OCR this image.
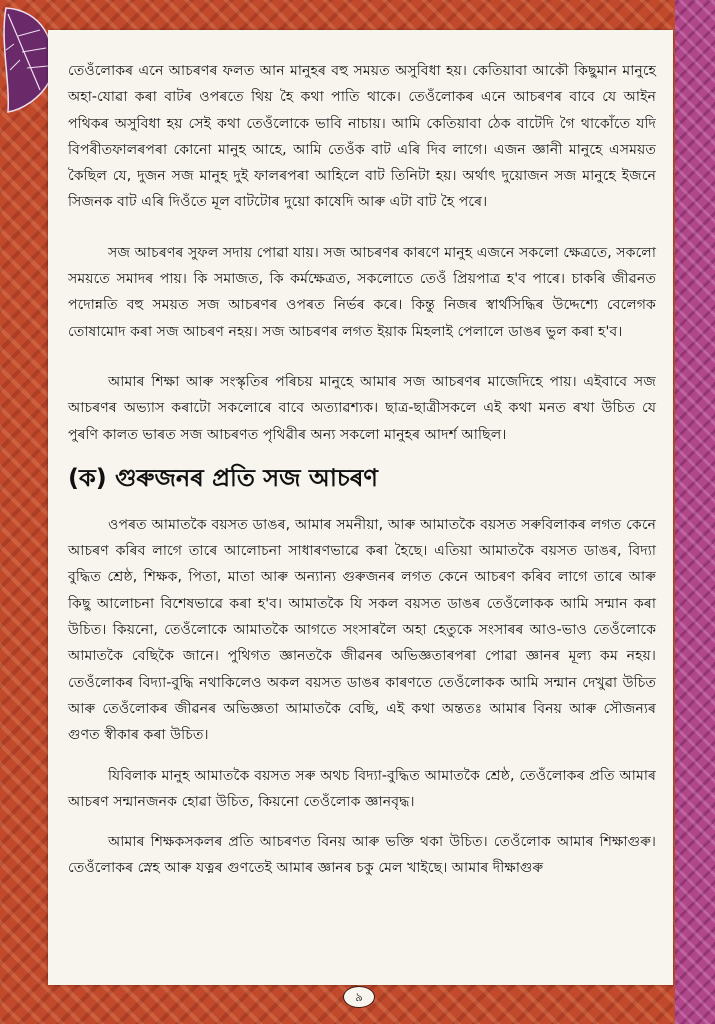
তেওঁলোকৰ এনে আচৰণৰ ফলত আন মানুহৰ বহু সময়ত অসুবিধা হয়। কেতিয়াবা আকৌ কিছুমান মানুহে অহা-যোৱা কৰা বাটৰ ওপৰতে থিয় হৈ কথা পাতি থাকে। তেওঁলোকৰ এনে আচৰণৰ বাবে যে আইন পথিকৰ অসুবিধা হয় সেই কথা তেওঁলোকে ভাবি নাচায়। আমি কেতিয়াবা ঠেক বাটেদি গৈ থাকোঁতে যদি বিপৰীতফালৰপৰা কোনো মানুহ আহে, আমি তেওঁক বাট এৰি দিব লাগে। এজন জ্ঞানী মানুহে এসময়ত কৈছিল যে, দুজন সজ মানুহ দুই ফালৰপৰা আহিলে বাট তিনিটা হয়। অৰ্থাৎ দুয়োজন সজ মানুহে ইজনে সিজনক বাট এৰি দিওঁতে মূল বাটটোৰ দুয়ো কাষেদি আৰু এটা বাট হৈ পৰে।

সজ আচৰণৰ সুফল সদায় পোৱা যায়। সজ আচৰণৰ কাৰণে মানুহ এজনে সকলো ক্ষেত্ৰতে, সকলো সময়তে সমাদৰ পায়। কি সমাজত, কি কৰ্মক্ষেত্ৰত, সকলোতে তেওঁ প্ৰিয়পাত্ৰ হ'ব পাৰে। চাকৰি জীৱনত পদোন্নতি বহু সময়ত সজ আচৰণৰ ওপৰত নিৰ্ভৰ কৰে। কিন্তু নিজৰ স্বাৰ্থসিদ্ধিৰ উদ্দেশ্যে বেলেগক তোষামোদ কৰা সজ আচৰণ নহয়। সজ আচৰণৰ লগত ইয়াক মিহলাই পেলালে ডাঙৰ ভুল কৰা হ'ব।

আমাৰ শিক্ষা আৰু সংস্কৃতিৰ পৰিচয় মানুহে আমাৰ সজ আচৰণৰ মাজেদিহে পায়। এইবাবে সজ আচৰণৰ অভ্যাস কৰাটো সকলোৰে বাবে অত্যাৱশ্যক। ছাত্ৰ-ছাত্ৰীসকলে এই কথা মনত ৰখা উচিত যে পুৰণি কালত ভাৰত সজ আচৰণত পৃথিৱীৰ অন্য সকলো মানুহৰ আদৰ্শ আছিল।

(ক) গুৰুজনৰ প্ৰতি সজ আচৰণ

ওপৰত আমাতকৈ বয়সত ডাঙৰ, আমাৰ সমনীয়া, আৰু আমাতকৈ বয়সত সৰুবিলাকৰ লগত কেনে আচৰণ কৰিব লাগে তাৰে আলোচনা সাধাৰণভাৱে কৰা হৈছে। এতিয়া আমাতকৈ বয়সত ডাঙৰ, বিদ্যা বুদ্ধিত শ্ৰেষ্ঠ, শিক্ষক, পিতা, মাতা আৰু অন্যান্য গুৰুজনৰ লগত কেনে আচৰণ কৰিব লাগে তাৰে আৰু কিছু আলোচনা বিশেষভাৱে কৰা হ'ব। আমাতকৈ যি সকল বয়সত ডাঙৰ তেওঁলোকক আমি সন্মান কৰা উচিত। কিয়নো, তেওঁলোকে আমাতকৈ আগতে সংসাৰলৈ অহা হেতুকে সংসাৰৰ আও-ভাও তেওঁলোকে আমাতকৈ বেছিকৈ জানে। পুথিগত জ্ঞানতকৈ জীৱনৰ অভিজ্ঞতাৰপৰা পোৱা জ্ঞানৰ মূল্য কম নহয়। তেওঁলোকৰ বিদ্যা-বুদ্ধি নথাকিলেও অকল বয়সত ডাঙৰ কাৰণতে তেওঁলোকক আমি সন্মান দেখুৱা উচিত আৰু তেওঁলোকৰ জীৱনৰ অভিজ্ঞতা আমাতকৈ বেছি, এই কথা অন্ততঃ আমাৰ বিনয় আৰু সৌজন্যৰ গুণত স্বীকাৰ কৰা উচিত।

যিবিলাক মানুহ আমাতকৈ বয়সত সৰু অথচ বিদ্যা-বুদ্ধিত আমাতকৈ শ্ৰেষ্ঠ, তেওঁলোকৰ প্ৰতি আমাৰ আচৰণ সন্মানজনক হোৱা উচিত, কিয়নো তেওঁলোক জ্ঞানবৃদ্ধ।

আমাৰ শিক্ষকসকলৰ প্ৰতি আচৰণত বিনয় আৰু ভক্তি থকা উচিত। তেওঁলোক আমাৰ শিক্ষাগুৰু। তেওঁলোকৰ স্নেহ আৰু যত্নৰ গুণতেই আমাৰ জ্ঞানৰ চকু মেল খাইছে। আমাৰ দীক্ষাগুৰু

৯
